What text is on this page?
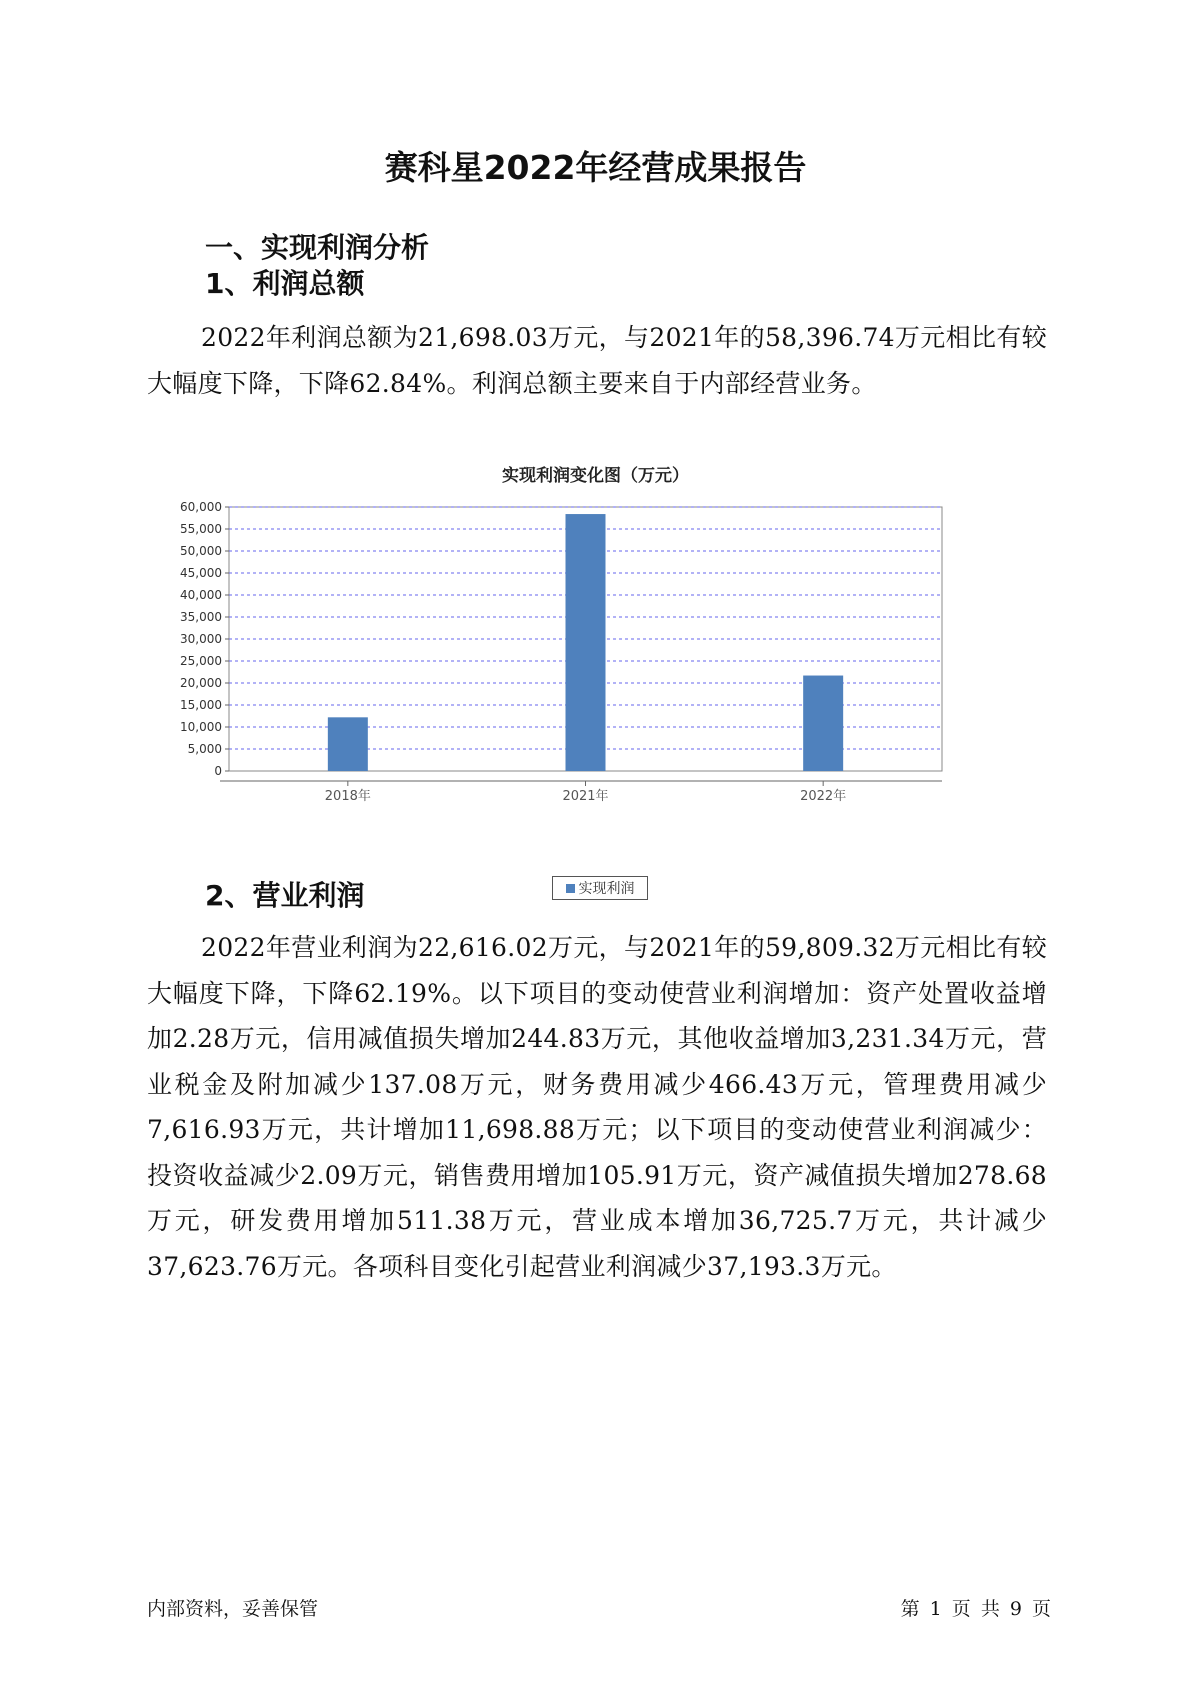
赛科星2022年经营成果报告
一、实现利润分析
1、利润总额
2022年利润总额为21,698.03万元，与2021年的58,396.74万元相比有较大幅度下降，下降62.84%。利润总额主要来自于内部经营业务。
实现利润变化图（万元）
0
5,000
10,000
15,000
20,000
25,000
30,000
35,000
40,000
45,000
50,000
55,000
60,000
2018年	2021年	2022年
实现利润
2、营业利润
2022年营业利润为22,616.02万元，与2021年的59,809.32万元相比有较大幅度下降，下降62.19%。以下项目的变动使营业利润增加：资产处置收益增加2.28万元，信用减值损失增加244.83万元，其他收益增加3,231.34万元，营业税金及附加减少137.08万元，财务费用减少466.43万元，管理费用减少7,616.93万元，共计增加11,698.88万元；以下项目的变动使营业利润减少：投资收益减少2.09万元，销售费用增加105.91万元，资产减值损失增加278.68万元，研发费用增加511.38万元，营业成本增加36,725.7万元，共计减少37,623.76万元。各项科目变化引起营业利润减少37,193.3万元。
内部资料，妥善保管	第 1 页 共 9 页
